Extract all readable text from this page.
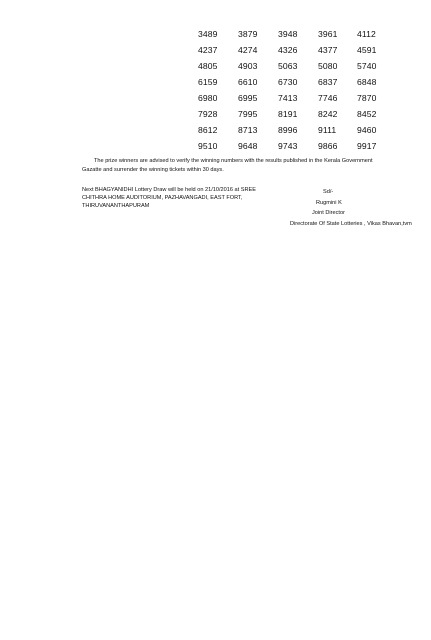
3489	3879	3948	3961	4112
4237	4274	4326	4377	4591
4805	4903	5063	5080	5740
6159	6610	6730	6837	6848
6980	6995	7413	7746	7870
7928	7995	8191	8242	8452
8612	8713	8996	9111	9460
9510	9648	9743	9866	9917
The prize winners are advised to verify the winning numbers with the results published in the Kerala Government
Gazatte and surrender the winning tickets within 30 days.
Next BHAGYANIDHI Lottery Draw will be held on 21/10/2016 at SREE
CHITHRA HOME AUDITORIUM, PAZHAVANGADI, EAST FORT,
THIRUVANANTHAPURAM
Sd/-
Rugmini K
Joint Director
Directorate Of State Lotteries , Vikas Bhavan,tvm
